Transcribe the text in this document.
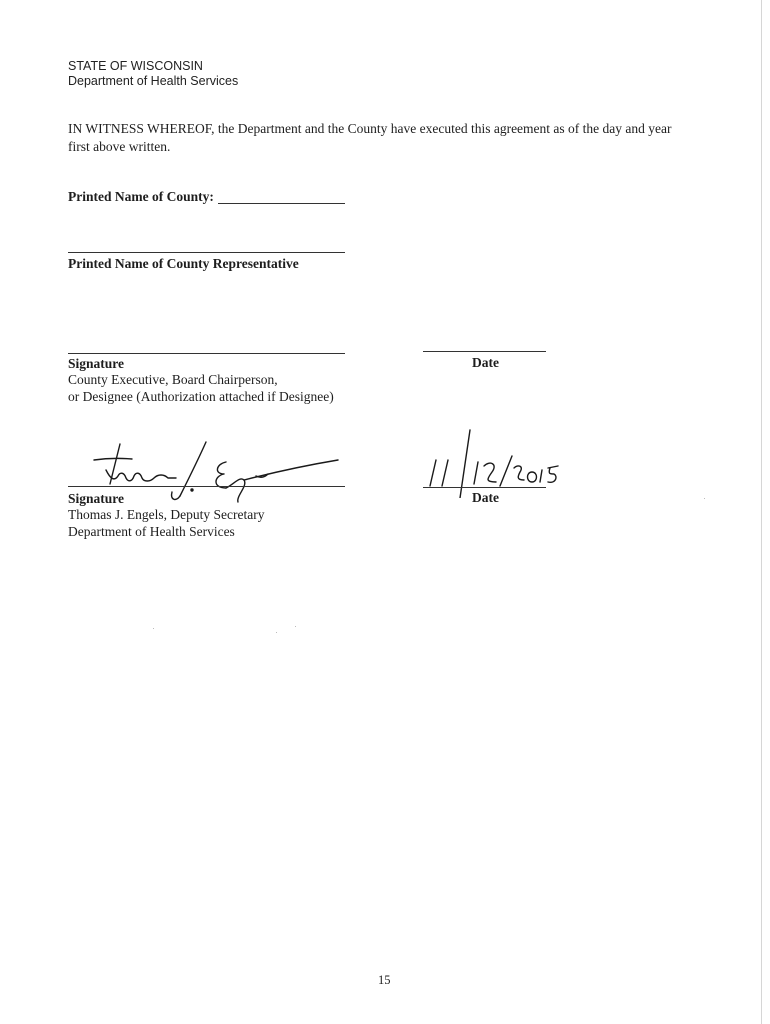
STATE OF WISCONSIN
Department of Health Services
IN WITNESS WHEREOF, the Department and the County have executed this agreement as of the day and year
first above written.
Printed Name of County:
Printed Name of County Representative
Signature	Date
County Executive, Board Chairperson,
or Designee (Authorization attached if Designee)
Signature	Date
Thomas J. Engels, Deputy Secretary
Department of Health Services
15
